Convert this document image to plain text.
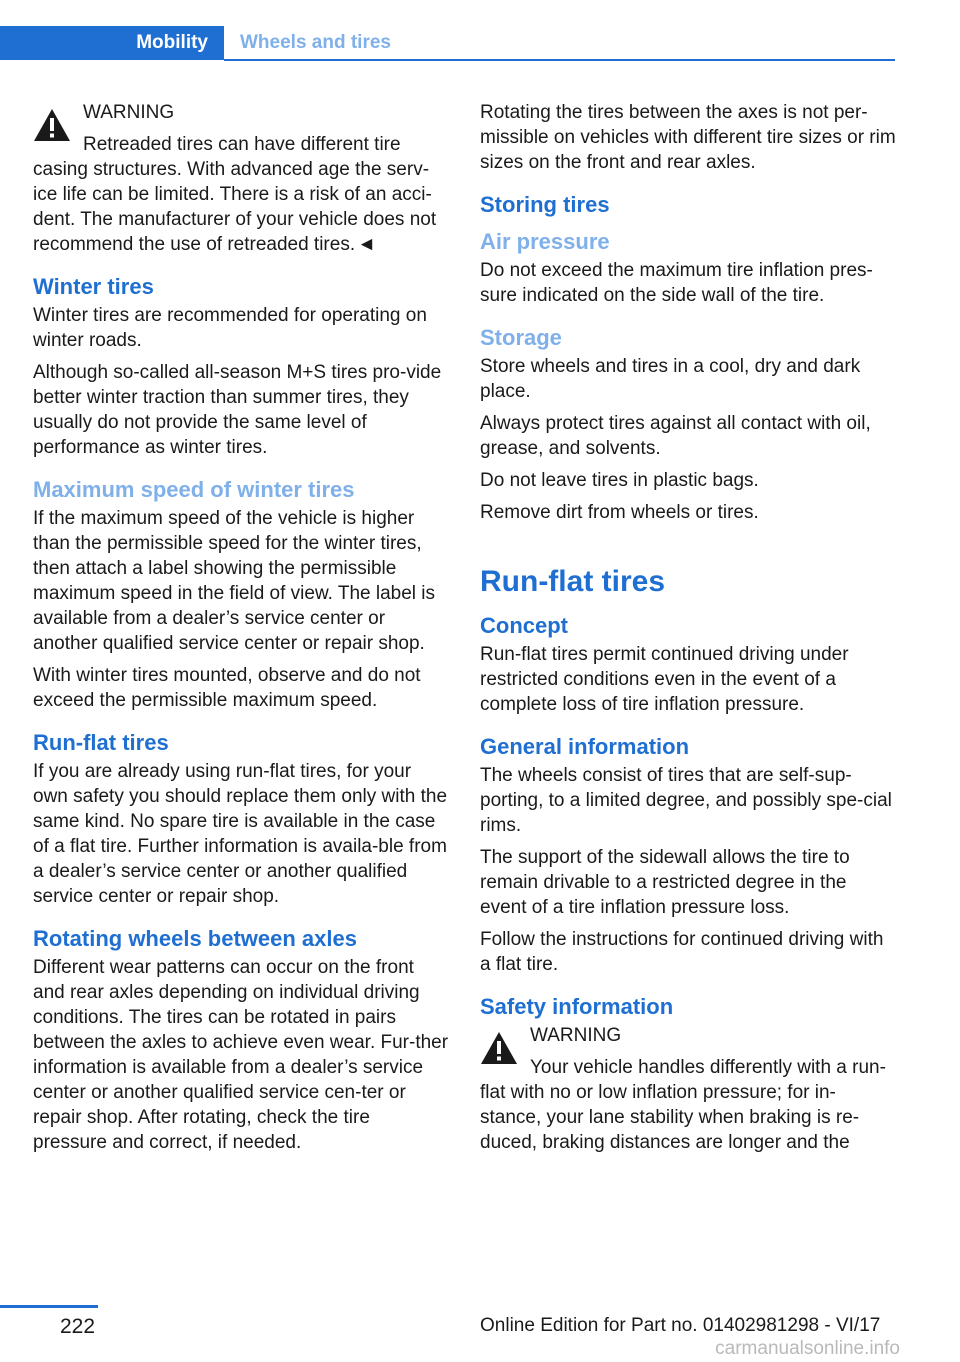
Mobility	Wheels and tires

WARNING

Retreaded tires can have different tire casing structures. With advanced age the serv‐ice life can be limited. There is a risk of an acci‐dent. The manufacturer of your vehicle does not recommend the use of retreaded tires. ◄

Winter tires

Winter tires are recommended for operating on winter roads.

Although so-called all-season M+S tires pro‐vide better winter traction than summer tires, they usually do not provide the same level of performance as winter tires.

Maximum speed of winter tires

If the maximum speed of the vehicle is higher than the permissible speed for the winter tires, then attach a label showing the permissible maximum speed in the field of view. The label is available from a dealer’s service center or another qualified service center or repair shop.

With winter tires mounted, observe and do not exceed the permissible maximum speed.

Run-flat tires

If you are already using run-flat tires, for your own safety you should replace them only with the same kind. No spare tire is available in the case of a flat tire. Further information is availa‐ble from a dealer’s service center or another qualified service center or repair shop.

Rotating wheels between axles

Different wear patterns can occur on the front and rear axles depending on individual driving conditions. The tires can be rotated in pairs between the axles to achieve even wear. Fur‐ther information is available from a dealer’s service center or another qualified service cen‐ter or repair shop. After rotating, check the tire pressure and correct, if needed.

Rotating the tires between the axes is not per‐missible on vehicles with different tire sizes or rim sizes on the front and rear axles.

Storing tires
Air pressure

Do not exceed the maximum tire inflation pres‐sure indicated on the side wall of the tire.

Storage

Store wheels and tires in a cool, dry and dark place.

Always protect tires against all contact with oil, grease, and solvents.

Do not leave tires in plastic bags.

Remove dirt from wheels or tires.

Run-flat tires
Concept

Run-flat tires permit continued driving under restricted conditions even in the event of a complete loss of tire inflation pressure.

General information

The wheels consist of tires that are self-sup‐porting, to a limited degree, and possibly spe‐cial rims.

The support of the sidewall allows the tire to remain drivable to a restricted degree in the event of a tire inflation pressure loss.

Follow the instructions for continued driving with a flat tire.

Safety information

WARNING

Your vehicle handles differently with a run-flat with no or low inflation pressure; for in‐stance, your lane stability when braking is re‐duced, braking distances are longer and the

222	Online Edition for Part no. 01402981298 - VI/17
carmanualsonline.info
